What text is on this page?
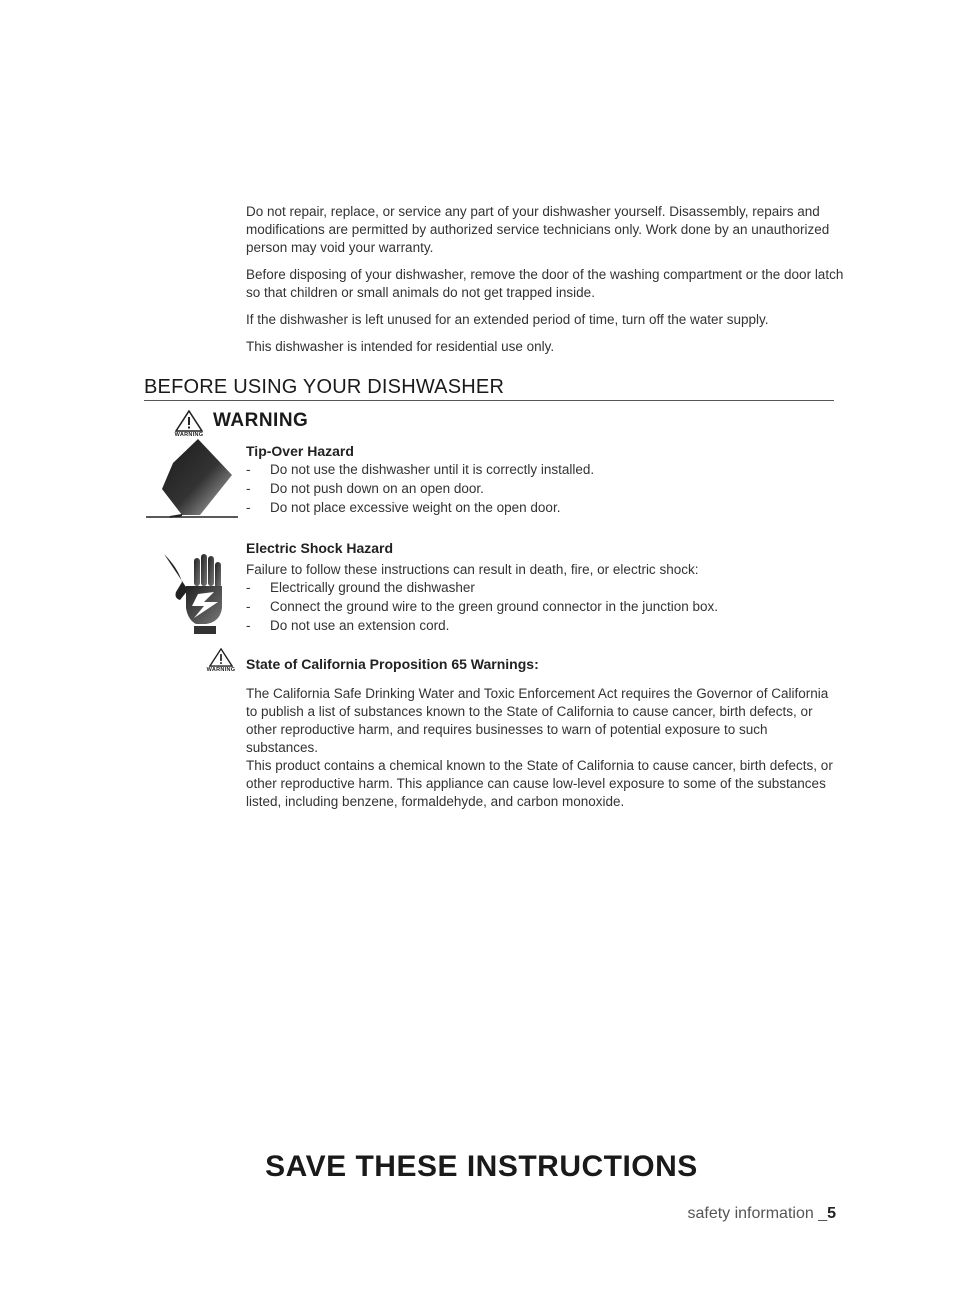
Do not repair, replace, or service any part of your dishwasher yourself. Disassembly, repairs and modifications are permitted by authorized service technicians only. Work done by an unauthorized person may void your warranty.

Before disposing of your dishwasher, remove the door of the washing compartment or the door latch so that children or small animals do not get trapped inside.

If the dishwasher is left unused for an extended period of time, turn off the water supply.

This dishwasher is intended for residential use only.

BEFORE USING YOUR DISHWASHER
WARNING
WARNING
Tip-Over Hazard
- Do not use the dishwasher until it is correctly installed.
- Do not push down on an open door.
- Do not place excessive weight on the open door.
Electric Shock Hazard

Failure to follow these instructions can result in death, fire, or electric shock:

- Electrically ground the dishwasher
- Connect the ground wire to the green ground connector in the junction box.
- Do not use an extension cord.
WARNING State of California Proposition 65 Warnings:

The California Safe Drinking Water and Toxic Enforcement Act requires the Governor of California to publish a list of substances known to the State of California to cause cancer, birth defects, or other reproductive harm, and requires businesses to warn of potential exposure to such substances.

This product contains a chemical known to the State of California to cause cancer, birth defects, or other reproductive harm. This appliance can cause low-level exposure to some of the substances listed, including benzene, formaldehyde, and carbon monoxide.

SAVE THESE INSTRUCTIONS
safety information _5
